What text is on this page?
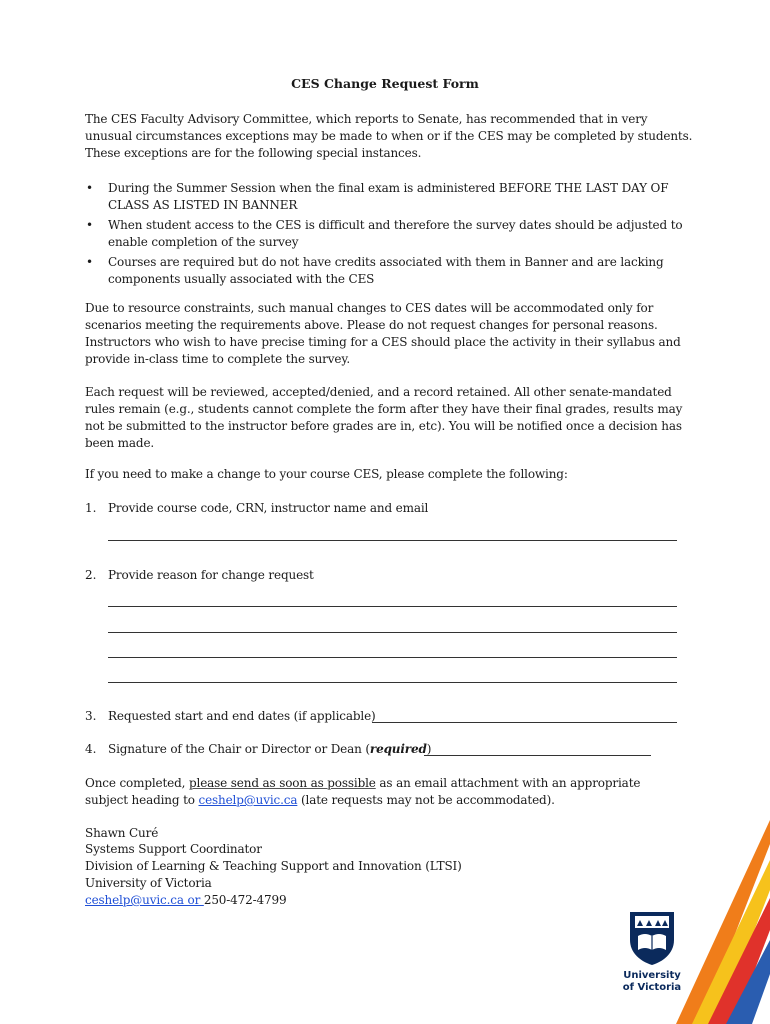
CES Change Request Form
The CES Faculty Advisory Committee, which reports to Senate, has recommended that in very
unusual circumstances exceptions may be made to when or if the CES may be completed by students.
These exceptions are for the following special instances.
• During the Summer Session when the final exam is administered BEFORE THE LAST DAY OF
CLASS AS LISTED IN BANNER
• When student access to the CES is difficult and therefore the survey dates should be adjusted to
enable completion of the survey
• Courses are required but do not have credits associated with them in Banner and are lacking
components usually associated with the CES
Due to resource constraints, such manual changes to CES dates will be accommodated only for
scenarios meeting the requirements above. Please do not request changes for personal reasons.
Instructors who wish to have precise timing for a CES should place the activity in their syllabus and
provide in-class time to complete the survey.
Each request will be reviewed, accepted/denied, and a record retained. All other senate-mandated
rules remain (e.g., students cannot complete the form after they have their final grades, results may
not be submitted to the instructor before grades are in, etc). You will be notified once a decision has
been made.
If you need to make a change to your course CES, please complete the following:
1. Provide course code, CRN, instructor name and email
2. Provide reason for change request
3. Requested start and end dates (if applicable)
4. Signature of the Chair or Director or Dean (required)
Once completed, please send as soon as possible as an email attachment with an appropriate
subject heading to ceshelp@uvic.ca (late requests may not be accommodated).
Shawn Curé
Systems Support Coordinator
Division of Learning & Teaching Support and Innovation (LTSI)
University of Victoria
ceshelp@uvic.ca or 250-472-4799
University
of Victoria
